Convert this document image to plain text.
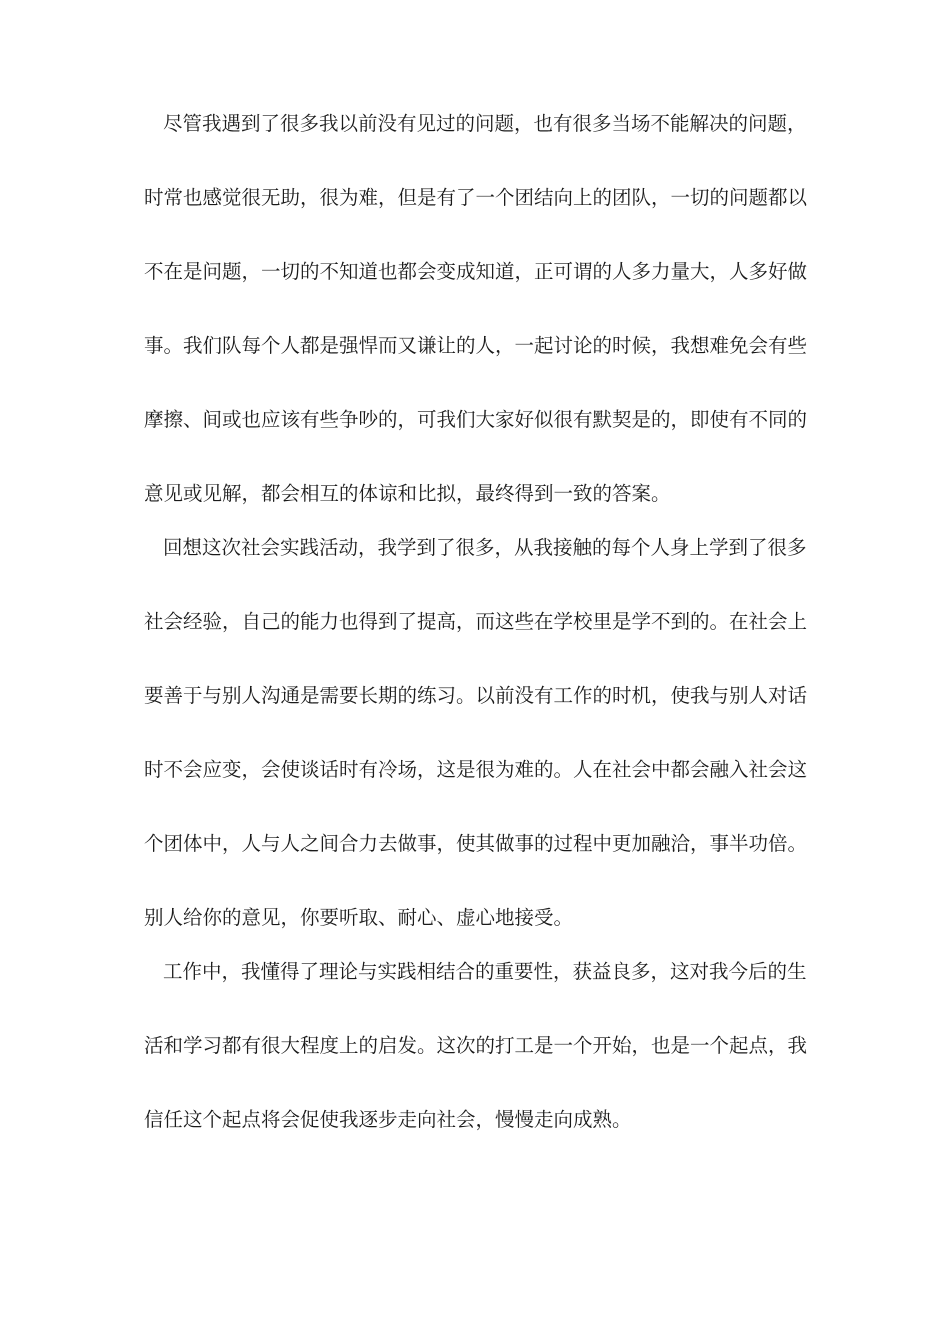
尽管我遇到了很多我以前没有见过的问题，也有很多当场不能解决的问题，
时常也感觉很无助，很为难，但是有了一个团结向上的团队，一切的问题都以
不在是问题，一切的不知道也都会变成知道，正可谓的人多力量大，人多好做
事。我们队每个人都是强悍而又谦让的人，一起讨论的时候，我想难免会有些
摩擦、间或也应该有些争吵的，可我们大家好似很有默契是的，即使有不同的
意见或见解，都会相互的体谅和比拟，最终得到一致的答案。
回想这次社会实践活动，我学到了很多，从我接触的每个人身上学到了很多
社会经验，自己的能力也得到了提高，而这些在学校里是学不到的。在社会上
要善于与别人沟通是需要长期的练习。以前没有工作的时机，使我与别人对话
时不会应变，会使谈话时有冷场，这是很为难的。人在社会中都会融入社会这
个团体中，人与人之间合力去做事，使其做事的过程中更加融洽，事半功倍。
别人给你的意见，你要听取、耐心、虚心地接受。
工作中，我懂得了理论与实践相结合的重要性，获益良多，这对我今后的生
活和学习都有很大程度上的启发。这次的打工是一个开始，也是一个起点，我
信任这个起点将会促使我逐步走向社会，慢慢走向成熟。
